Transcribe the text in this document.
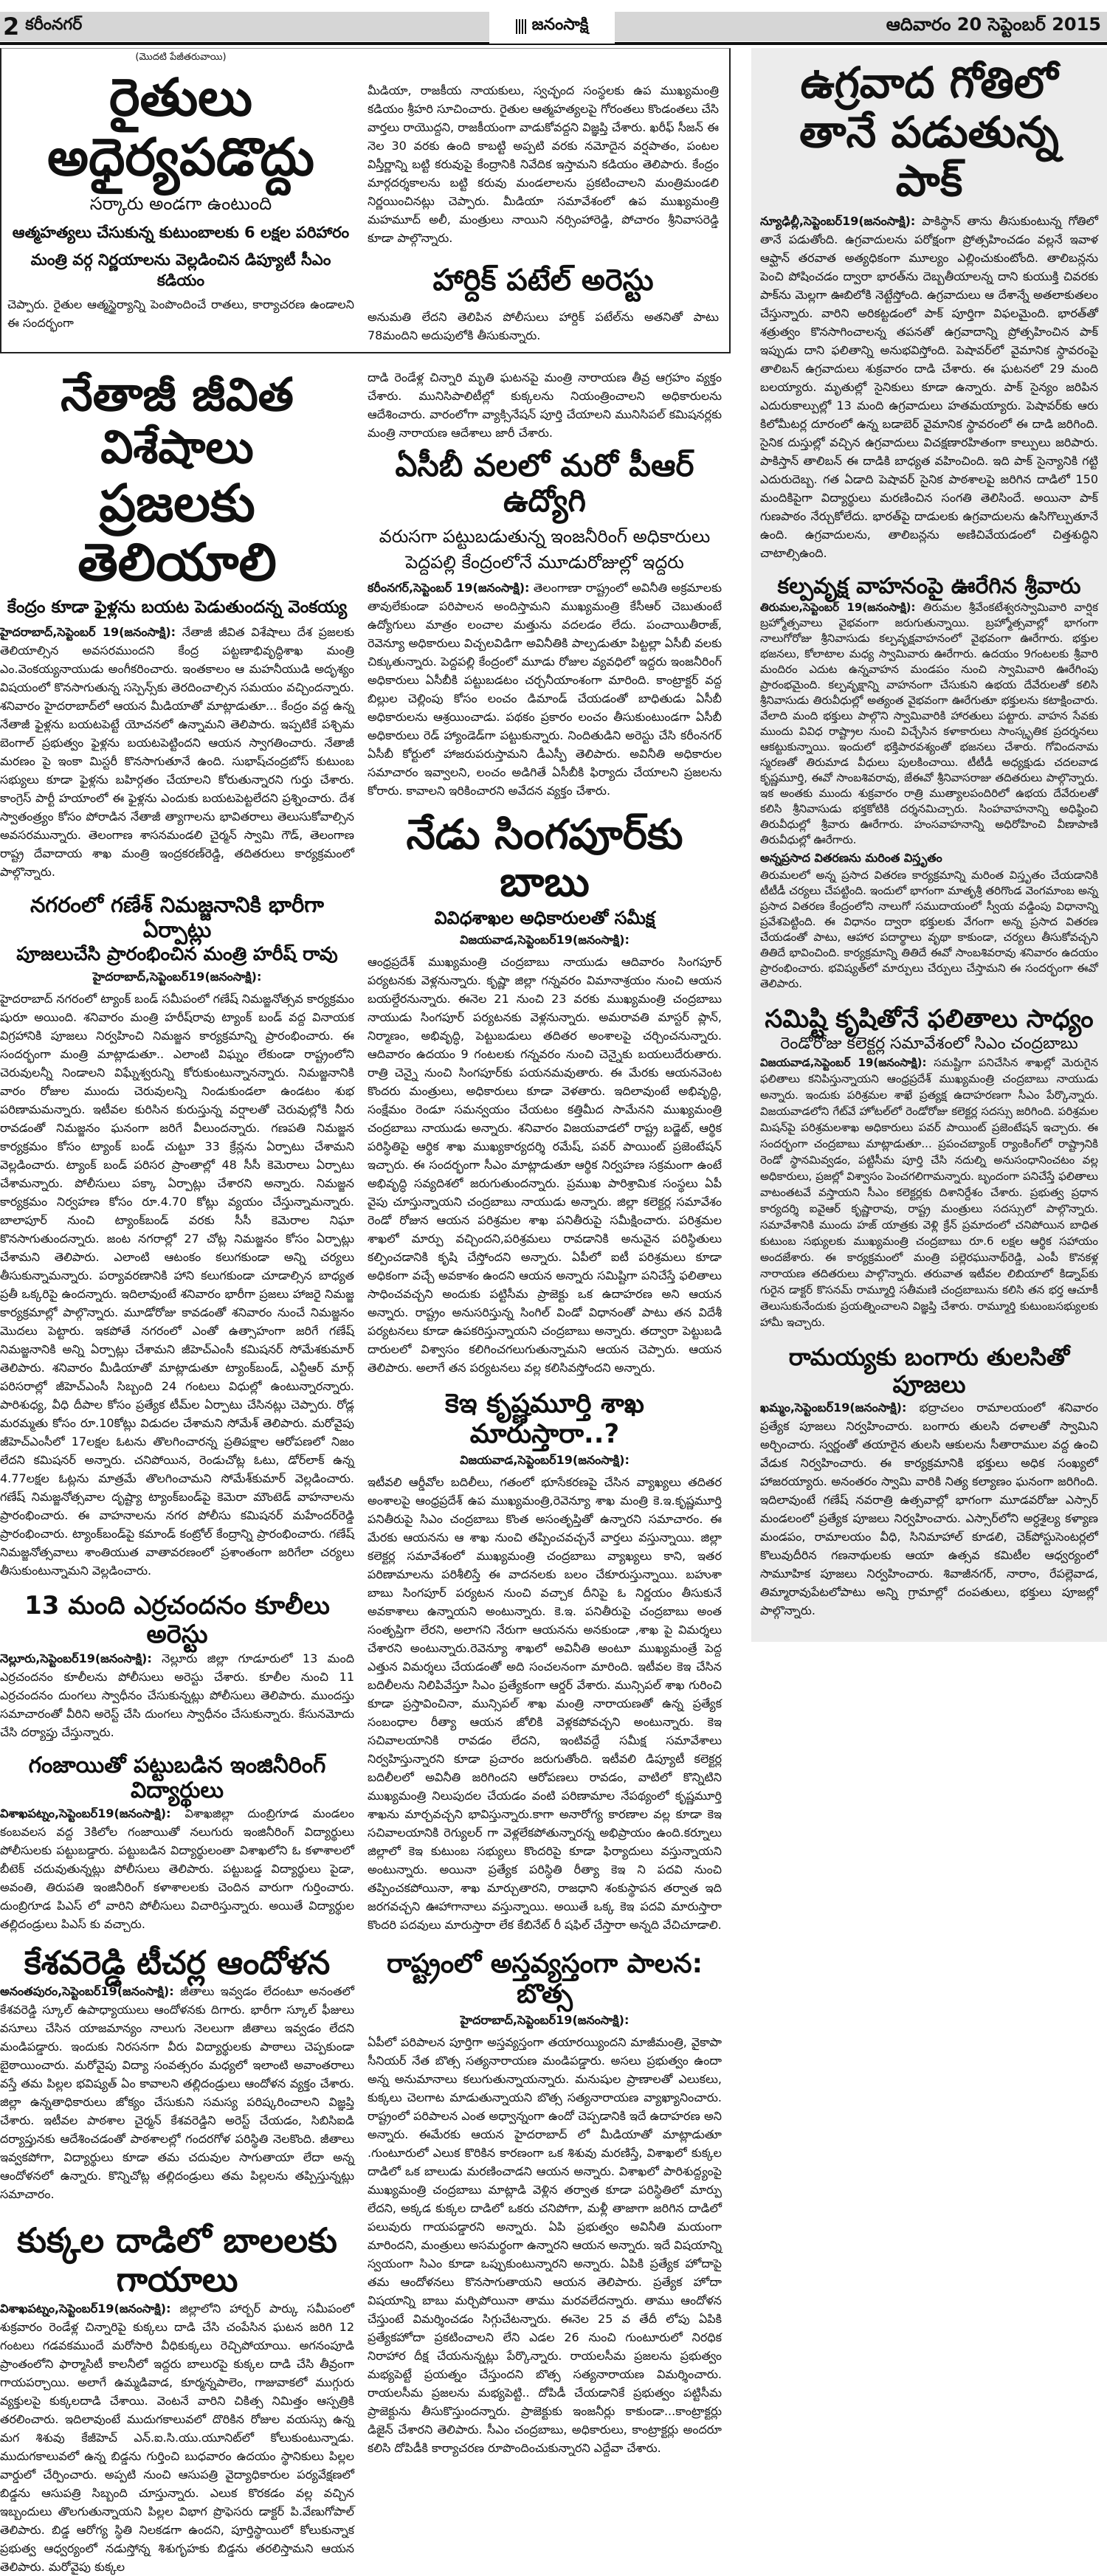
2 కరీంనగర్	జనంసాక్షి	ఆదివారం 20 సెప్టెంబర్ 2015

(మొదటి పేజీతరువాయి)

రైతులు అధైర్యపడొద్దు

సర్కారు అండగా ఉంటుంది

ఆత్మహత్యలు చేసుకున్న కుటుంబాలకు 6 లక్షల పరిహారం

మంత్రి వర్గ నిర్ణయాలను వెల్లడించిన డిప్యూటీ సీఎం కడియం

చెప్పారు. రైతుల ఆత్మస్థైర్యాన్ని పెంపొందించే రాతలు, కార్యాచరణ ఉండాలని ఈ సందర్భంగా

మీడియా, రాజకీయ నాయకులు, స్వచ్ఛంద సంస్థలకు ఉప ముఖ్యమంత్రి కడియం శ్రీహరి సూచించారు. రైతుల ఆత్మహత్యలపై గోరంతలు కొండంతలు చేసి వార్తలు రాయొద్దని, రాజకీయంగా వాడుకోవద్దని విజ్ఞప్తి చేశారు. ఖరీఫ్ సీజన్ ఈ నెల 30 వరకు ఉంది కాబట్టి అప్పటి వరకు నమోదైన వర్షపాతం, పంటల విస్తీర్ణాన్ని బట్టి కరువుపై కేంద్రానికి నివేదిక ఇస్తామని కడియం తెలిపారు. కేంద్రం మార్గదర్శకాలను బట్టి కరువు మండలాలను ప్రకటించాలని మంత్రిమండలి నిర్ణయించినట్లు చెప్పారు. మీడియా సమావేశంలో ఉప ముఖ్యమంత్రి మహమూద్ అలీ, మంత్రులు నాయిని నర్సింహారెడ్డి, పోచారం శ్రీనివాసరెడ్డి కూడా పాల్గొన్నారు.

హార్దిక్ పటేల్ అరెస్టు

అనుమతి లేదని తెలిపిన పోలీసులు హార్దిక్ పటేల్‌ను అతనితో పాటు 78మందిని అదుపులోకి తీసుకున్నారు.

నేతాజీ జీవిత విశేషాలు

ప్రజలకు తెలియాలి

కేంద్రం కూడా ఫైళ్లను బయట పెడుతుందన్న వెంకయ్య

హైదరాబాద్,సెప్టెంబర్ 19(జనంసాక్షి): నేతాజీ జీవిత విశేషాలు దేశ ప్రజలకు తెలియాల్సిన అవసరముందని కేంద్ర పట్టణాభివృద్ధిశాఖ మంత్రి ఎం.వెంకయ్యనాయుడు అంగీకరించారు. ఇంతకాలం ఆ మహనీయుడి అదృశ్యం విషయంలో కొనసాగుతున్న సస్పెన్స్‌కు తెరదించాల్సిన సమయం వచ్చిందన్నారు. శనివారం హైదరాబాద్‌లో ఆయన మీడియాతో మాట్లాడుతూ... కేంద్రం వద్ద ఉన్న నేతాజీ ఫైళ్లను బయటపెట్టే యోచనలో ఉన్నామని తెలిపారు. ఇప్పటికే పశ్చిమ బెంగాల్ ప్రభుత్వం ఫైళ్లను బయటపెట్టిందని ఆయన స్వాగతించారు. నేతాజీ మరణం పై ఇంకా మిస్టరీ కొనసాగుతూనే ఉంది. సుభాష్‌చంద్రబోస్ కుటుంబ సభ్యులు కూడా ఫైళ్లను బహిర్గతం చేయాలని కోరుతున్నారని గుర్తు చేశారు. కాంగ్రెస్ పార్టీ హయాంలో ఈ ఫైళ్లను ఎందుకు బయటపెట్టలేదని ప్రశ్నించారు. దేశ స్వాతంత్ర్యం కోసం పోరాడిన నేతాజీ త్యాగాలను భావితరాలు తెలుసుకోవాల్సిన అవసరమున్నారు. తెలంగాణ శాసనమండలి చైర్మన్ స్వామి గౌడ్, తెలంగాణ రాష్ట్ర దేవాదాయ శాఖ మంత్రి ఇంద్రకరణ్‌రెడ్డి, తదితరులు కార్యక్రమంలో పాల్గొన్నారు.

నగరంలో గణేశ్ నిమజ్జనానికి భారీగా ఏర్పాట్లు

పూజలుచేసి ప్రారంభించిన మంత్రి హరీష్ రావు

హైదరాబాద్,సెప్టెంబర్19(జనంసాక్షి):

హైదరాబాద్ నగరంలో ట్యాంక్ బండ్ సమీపంలో గణేష్ నిమజ్జనోత్సవ కార్యక్రమం షురూ అయింది. శనివారం మంత్రి హరీష్‌రావు ట్యాంక్ బండ్ వద్ద వినాయక విగ్రహానికి పూజలు నిర్వహించి నిమజ్జన కార్యక్రమాన్ని ప్రారంభించారు. ఈ సందర్భంగా మంత్రి మాట్లాడుతూ.. ఎలాంటి విఘ్నం లేకుండా రాష్ట్రంలోని చెరువులన్నీ నిండాలని విఘ్నేశ్వరున్ని కోరుకుంటున్నానన్నారు. నిమజ్జనానికి వారం రోజుల ముందు చెరువులన్ని నిండుకుండలా ఉండటం శుభ పరిణామమన్నారు. ఇటీవల కురిసిన కురుస్తున్న వర్షాలతో చెరువుల్లోకి నీరు రావడంతో నిమజ్జనం ఘనంగా జరిగే వీలుందన్నారు. గణపతి నిమజ్జన కార్యక్రమం కోసం ట్యాంక్ బండ్ చుట్టూ 33 క్రేన్లను ఏర్పాటు చేశామని వెల్లడించారు. ట్యాంక్ బండ్ పరిసర ప్రాంతాల్లో 48 సీసీ కెమెరాలు ఏర్పాటు చేశామన్నారు. పోలీసులు పక్కా ఏర్పాట్లు చేశారని అన్నారు. నిమజ్జన కార్యక్రమం నిర్వహణ కోసం రూ.4.70 కోట్లు వ్యయం చేస్తున్నామన్నారు. బాలాపూర్ నుంచి ట్యాంక్‌బండ్ వరకు సీసీ కెమెరాల నిఘా కొనసాగుతుందన్నారు. జంట నగరాల్లో 27 చోట్ల నిమజ్జనం కోసం ఏర్పాట్లు చేశామని తెలిపారు. ఎలాంటి ఆటంకం కలుగకుండా అన్ని చర్యలు తీసుకున్నామన్నారు. పర్యావరణానికి హాని కలుగకుండా చూడాల్సిన బాధ్యత ప్రతీ ఒక్కరిపై ఉందన్నారు. ఇదిలావుంటే శనివారం భారీగా ప్రజలు హాజరై నిమజ్జ కార్యక్రమాల్లో పాల్గొన్నారు. మూడోరోజు కావడంతో శనివారం నుంచే నిమజ్జనం మొదలు పెట్టారు. ఇకపోతే నగరంలో ఎంతో ఉత్సాహంగా జరిగే గణేష్ నిమజ్జనానికి అన్ని ఏర్పాట్లు చేశామని జీహెచ్‌ఎంసీ కమిషనర్ సోమేశకుమార్ తెలిపారు. శనివారం మీడియాతో మాట్లాడుతూ ట్యాంక్‌బండ్, ఎన్టీఆర్ మార్గ్ పరిసరాల్లో జీహెచ్‌ఎంసీ సిబ్బంది 24 గంటలు విధుల్లో ఉంటున్నారన్నారు. పారిశుధ్య, వీధి దీపాల కోసం ప్రత్యేక టీమ్‌ల ఏర్పాటు చేసినట్లు చెప్పారు. రోడ్ల మరమ్మతు కోసం రూ.10కోట్లు విడుదల చేశామని సోమేశ్ తెలిపారు. మరోవైపు జీహెచ్‌ఎంసీలో 17లక్షల ఓటను తొలగించారన్న ప్రతిపక్షాల ఆరోపణలో నిజం లేదని కమిషనర్ అన్నారు. చనిపోయిన, రెండుచోట్ల ఓటు, డోర్‌లాక్ ఉన్న 4.77లక్షల ఓట్లను మాత్రమే తొలగించామని సోమేశ్‌కుమార్ వెల్లడించారు. గణేష్ నిమజ్జనోత్సవాల దృష్ట్యా ట్యాంక్‌బండ్‌పై కెమెరా మౌంటెడ్ వాహనాలను ప్రారంభించారు. ఈ వాహనాలను నగర పోలీసు కమిషనర్ మహేందర్‌రెడ్డి ప్రారంభించారు. ట్యాంక్‌బండ్‌పై కమాండ్ కంట్రోల్ కేంద్రాన్ని ప్రారంభించారు. గణేష్ నిమజ్జనోత్సవాలు శాంతియుత వాతావరణంలో ప్రశాంతంగా జరిగేలా చర్యలు తీసుకుంటున్నామని వెల్లడించారు.

13 మంది ఎర్రచందనం కూలీలు అరెస్టు

నెల్లూరు,సెప్టెంబర్19(జనంసాక్షి): నెల్లూరు జిల్లా గూడూరులో 13 మంది ఎర్రచందనం కూలీలను పోలీసులు అరెస్టు చేశారు. కూలీల నుంచి 11 ఎర్రచందనం దుంగలు స్వాధీనం చేసుకున్నట్లు పోలీసులు తెలిపారు. ముందస్తు సమాచారంతో వీరిని అరెస్ట్ చేసి దుంగలు స్వాధీనం చేసుకున్నారు. కేసునమోదు చేసి దర్యాప్తు చేస్తున్నారు.

గంజాయితో పట్టుబడిన ఇంజినీరింగ్ విద్యార్థులు

విశాఖపట్నం,సెప్టెంబర్19(జనంసాక్షి): విశాఖజిల్లా దుంబ్రిగూడ మండలం కంబవలస వద్ద 3కిలోల గంజాయితో నలుగురు ఇంజినీరింగ్ విద్యార్థులు పోలీసులకు పట్టుబడ్డారు. పట్టుబడిన విద్యార్థులంతా విశాఖలోని ఓ కళాశాలలో బీటెక్ చదువుతున్నట్లు పోలీసులు తెలిపారు. పట్టుబడ్డ విద్యార్థులు పైడా, అవంతి, తిరుపతి ఇంజినీరింగ్ కళాశాలలకు చెందిన వారుగా గుర్తించారు. దుంబ్రిగూడ పిఎస్ లో వారిని పోలీసులు విచారిస్తున్నారు. అయితే విద్యార్థుల తల్లిదండ్రులు పిఎస్ కు వచ్చారు.

కేశవరెడ్డి టీచర్ల ఆందోళన

అనంతపురం,సెప్టెంబర్19(జనంసాక్షి): జీతాలు ఇవ్వడం లేదంటూ అనంతలో కేశవరెడ్డి స్కూల్ ఉపాధ్యాయులు ఆందోళనకు దిగారు. భారీగా స్కూల్ ఫీజులు వసూలు చేసిన యాజమాన్యం నాలుగు నెలలుగా జీతాలు ఇవ్వడం లేదని మండిపడ్డారు. ఇందుకు నిరసనగా వీరు విద్యార్థులకు పాఠాలు చెప్పకుండా బైఠాయించారు. మరోవైపు విద్యా సంవత్సరం మధ్యలో ఇలాంటి అవాంతరాలు వస్తే తమ పిల్లల భవిష్యత్ ఏం కావాలని తల్లిదండ్రులు ఆందోళన వ్యక్తం చేశారు. జిల్లా ఉన్నతాధికారులు జోక్యం చేసుకుని సమస్య పరిష్కరించాలని విజ్ఞప్తి చేశారు. ఇటీవల పాఠశాల చైర్మన్ కేశవరెడ్డిని అరెస్ట్ చేయడం, సిబిసిఐడి దర్యాప్తునకు ఆదేశించడంతో పాఠశాలల్లో గందరగోళ పరిస్థితి నెలకొంది. జీతాలు ఇవ్వకపోగా, విద్యార్థులు కూడా తమ చదువుల సాగుతాయా లేదా అన్న ఆందోళనలో ఉన్నారు. కొన్నిచోట్ల తల్లిదండ్రులు తమ పిల్లలను తప్పిస్తున్నట్లు సమాచారం.

కుక్కల దాడిలో బాలలకు గాయాలు

విశాఖపట్నం,సెప్టెంబర్19(జనంసాక్షి): జిల్లాలోని హార్బర్ పార్కు సమీపంలో శుక్రవారం రెండేళ్ల చిన్నారిపై కుక్కలు దాడి చేసి చంపేసిన ఘటన జరిగి 12 గంటలు గడవకముందే మరోసారి వీధికుక్కలు రెచ్చిపోయాయి. అగనంపూడి ప్రాంతంలోని ఫార్మాసిటీ కాలనీలో ఇద్దరు బాలురపై కుక్కల దాడి చేసి తీవ్రంగా గాయపర్చాయి. అలాగే ఉమ్మడివాడ, కూర్మన్నపాలెం, గాజువాకలో ముగ్గురు వ్యక్తులపై కుక్కలదాడి చేశాయి. వెంటనే వారిని చికిత్స నిమిత్తం ఆస్పత్రికి తరలించారు. ఇదిలావుంటే ముదుగకాలువలో దొరికిన రోజుల వయస్సు ఉన్న మగ శిశువు కేజీహెచ్ ఎన్.ఐ.సి.యు.యూనిట్‌లో కోలుకుంటున్నాడు. ముదుగకాలువలో ఉన్న బిడ్డను గుర్తించి బుధవారం ఉదయం స్థానికులు పిల్లల వార్డులో చేర్పించారు. అప్పటి నుంచి ఆసుపత్రి వైద్యాధికారుల పర్యవేక్షణలో బిడ్డను ఆసుపత్రి సిబ్బంది చూస్తున్నారు. ఎలుక కొరకడం వల్ల వచ్చిన ఇబ్బందులు తొలగుతున్నాయని పిల్లల విభాగ ప్రొఫెసరు డాక్టర్ పి.వేణుగోపాల్ తెలిపారు. బిడ్డ ఆరోగ్య స్థితి నిలకడగా ఉందని, పూర్తిస్థాయిలో కోలుకున్నాక ప్రభుత్వ ఆధ్వర్యంలో నడుస్తోన్న శిశుగృహకు బిడ్డను తరలిస్తామని ఆయన తెలిపారు. మరోవైపు కుక్కల

దాడి రెండేళ్ల చిన్నారి మృతి ఘటనపై మంత్రి నారాయణ తీవ్ర ఆగ్రహం వ్యక్తం చేశారు. మునిసిపాలిటీల్లో కుక్కలను నియంత్రించాలని అధికారులను ఆదేశించారు. వారంలోగా వ్యాక్సినేషన్ పూర్తి చేయాలని మునిసిపల్ కమిషనర్లకు మంత్రి నారాయణ ఆదేశాలు జారీ చేశారు.

ఏసీబీ వలలో మరో పీఆర్ ఉద్యోగి

వరుసగా పట్టుబడుతున్న ఇంజనీరింగ్ అధికారులు

పెద్దపల్లి కేంద్రంలోనే మూడురోజుల్లో ఇద్దరు

కరీంనగర్,సెప్టెంబర్ 19(జనంసాక్షి): తెలంగాణా రాష్ట్రంలో అవినీతి అక్రమాలకు తావులేకుండా పరిపాలన అందిస్తామని ముఖ్యమంత్రి కేసీఆర్ చెబుతుంటే ఉద్యోగులు మాత్రం లంచాల మత్తును వదలడం లేదు. పంచాయితీరాజ్, రెవెన్యూ అధికారులు విచ్చలవిడిగా అవినీతికి పాల్పడుతూ పిట్టల్లా ఏసీబీ వలకు చిక్కుతున్నారు. పెద్దపల్లి కేంద్రంలో మూడు రోజుల వ్యవధిలో ఇద్దరు ఇంజనీరింగ్ అధికారులు ఏసీబీకి పట్టుబడటం చర్చనీయాంశంగా మారింది. కాంట్రాక్టర్ వద్ద బిల్లుల చెల్లింపు కోసం లంచం డిమాండ్ చేయడంతో బాధితుడు ఏసీబీ అధికారులను ఆశ్రయించాడు. పథకం ప్రకారం లంచం తీసుకుంటుండగా ఏసీబీ అధికారులు రెడ్ హ్యాండెడ్‌గా పట్టుకున్నారు. నిందితుడిని అరెస్టు చేసి కరీంనగర్ ఏసీబీ కోర్టులో హాజరుపరుస్తామని డీఎస్పీ తెలిపారు. అవినీతి అధికారుల సమాచారం ఇవ్వాలని, లంచం అడిగితే ఏసీబీకి ఫిర్యాదు చేయాలని ప్రజలను కోరారు. కావాలని ఇరికించారని అవేదన వ్యక్తం చేశారు.

నేడు సింగపూర్‌కు బాబు

వివిధశాఖల అధికారులతో సమీక్ష

విజయవాడ,సెప్టెంబర్19(జనంసాక్షి):

ఆంధ్రప్రదేశ్ ముఖ్యమంత్రి చంద్రబాబు నాయుడు ఆదివారం సింగపూర్ పర్యటనకు వెళ్లనున్నారు. కృష్ణా జిల్లా గన్నవరం విమానాశ్రయం నుంచి ఆయన బయల్దేరనున్నారు. ఈనెల 21 నుంచి 23 వరకు ముఖ్యమంత్రి చంద్రబాబు నాయుడు సింగపూర్ పర్యటనకు వెళ్లనున్నారు. అమరావతి మాస్టర్ ప్లాన్, నిర్మాణం, అభివృద్ధి, పెట్టుబడులు తదితర అంశాలపై చర్చించనున్నారు. ఆదివారం ఉదయం 9 గంటలకు గన్నవరం నుంచి చెన్నైకు బయలుదేరుతారు. రాత్రి చెన్నై నుంచి సింగపూర్‌కు పయనమవుతారు. ఈ మేరకు ఆయనవెంట కొందరు మంత్రులు, అధికారులు కూడా వెళతారు. ఇదిలావుంటే అభివృద్ధి, సంక్షేమం రెండూ సమన్వయం చేయటం కత్తిమీద సామేనని ముఖ్యమంత్రి చంద్రబాబు నాయుడు అన్నారు. శనివారం విజయవాడలో రాష్ట్ర బడ్జెట్, ఆర్థిక పరిస్థితిపై ఆర్థిక శాఖ ముఖ్యకార్యదర్శి రమేష్, పవర్ పాయింట్ ప్రజెంటేషన్ ఇచ్చారు. ఈ సందర్భంగా సీఎం మాట్లాడుతూ ఆర్థిక నిర్వహణ సక్రమంగా ఉంటే అభివృద్ధి సవ్యదిశలో జరుగుతుందన్నారు. ప్రముఖ పారిశ్రామిక సంస్థలు ఏపీ వైపు చూస్తున్నాయని చంద్రబాబు నాయుడు అన్నారు. జిల్లా కలెక్టర్ల సమావేశం రెండో రోజున ఆయన పరిశ్రమల శాఖ పనితీరుపై సమీక్షించారు. పరిశ్రమల శాఖలో మార్పు వచ్చిందని,పరిశ్రమలు రావడానికి అనువైన పరిస్థితులు కల్పించడానికి కృషి చేస్తోందని అన్నారు. ఏపీలో ఐటీ పరిశ్రమలు కూడా అధికంగా వచ్చే అవకాశం ఉందని ఆయన అన్నారు సమిష్టిగా పనిచేస్తే ఫలితాలు సాధించవచ్చని అందుకు పట్టిసీమ ప్రాజెక్టు ఒక ఉదాహరణ అని ఆయన అన్నారు. రాష్ట్రం అనుసరిస్తున్న సింగిల్ విండో విధానంతో పాటు తన విదేశీ పర్యటనలు కూడా ఉపకరిస్తున్నాయని చంద్రబాబు అన్నారు. తద్వారా పెట్టుబడి దారులలో విశ్వాసం కలిగించగలుగుతున్నామని ఆయన చెప్పారు. ఆయన తెలిపారు. అలాగే తన పర్యటనలు వల్ల కలిసివస్తోందని అన్నారు.

కెఇ కృష్ణమూర్తి శాఖ మారుస్తారా..?

విజయవాడ,సెప్టెంబర్19(జనంసాక్షి):

ఇటీవలి ఆర్డీవోల బదిలీలు, గతంలో భూసేకరణపై చేసిన వ్యాఖ్యలు తదితర అంశాలపై ఆంధ్రప్రదేశ్ ఉప ముఖ్యమంత్రి,రెవెన్యూ శాఖ మంత్రి కె.ఇ.కృష్ణమూర్తి పనితీరుపై సిఎం చంద్రబాబు కొంత అసంతృప్తితో ఉన్నారని సమాచారం. ఈ మేరకు ఆయనను ఆ శాఖ నుంచి తప్పించవచ్చనే వార్తలు వస్తున్నాయి. జిల్లా కలెక్టర్ల సమావేశంలో ముఖ్యమంత్రి చంద్రబాబు వ్యాఖ్యలు కాని, ఇతర పరిణామాలను పరిశీలిస్తే ఈ వాదనలకు బలం చేకూరుస్తున్నాయి. బహుశా బాబు సింగపూర్ పర్యటన నుంచి వచ్చాక దీనిపై ఓ నిర్ణయం తీసుకునే అవకాశాలు ఉన్నాయని అంటున్నారు. కె.ఇ. పనితీరుపై చంద్రబాబు అంత సంతృప్తిగా లేరని, అలాగని నేరుగా ఆయనను అనకుండా ,శాఖ పై విమర్శలు చేశారని అంటున్నారు.రెవెన్యూ శాఖలో అవినీతి అంటూ ముఖ్యమంత్రే పెద్ద ఎత్తున విమర్శలు చేయడంతో అది సంచలనంగా మారింది. ఇటీవల కెఇ చేసిన బదిలీలను నిలిపివేస్తూ సిఎం ప్రత్యేకంగా ఆర్డర్ వేశారు. మున్సిపల్ శాఖ గురించి కూడా ప్రస్తావించినా, మున్సిపల్ శాఖ మంత్రి నారాయణతో ఉన్న ప్రత్యేక సంబంధాల రీత్యా ఆయన జోలికి వెళ్లకపోవచ్చని అంటున్నారు. కెఇ సచివాలయానికి రావడం లేదని, ఇంటివద్దే సమీక్ష సమావేశాలు నిర్వహిస్తున్నారని కూడా ప్రచారం జరుగుతోంది. ఇటీవలి డిప్యూటీ కలెక్టర్ల బదిలీలలో అవినీతి జరిగిందని ఆరోపణలు రావడం, వాటిలో కొన్నిటిని ముఖ్యమంత్రి నిలుపుదల చేయడం వంటి పరిణామాల నేపథ్యంలో కృష్ణమూర్తి శాఖను మార్చవచ్చని భావిస్తున్నారు.కాగా అనారోగ్య కారణాల వల్ల కూడా కెఇ సచివాలయానికి రెగ్యులర్ గా వెళ్లలేకపోతున్నారన్న అభిప్రాయం ఉంది.కర్నూలు జిల్లాలో కెఇ కుటుంబ సభ్యులు కొందరిపై కూడా ఫిర్యాదులు వస్తున్నాయని అంటున్నారు. అయినా ప్రత్యేక పరిస్థితి రీత్యా కెఇ ని పదవి నుంచి తప్పించకపోయినా, శాఖ మార్చుతారని, రాజధాని శంకుస్థాపన తర్వాత ఇది జరగవచ్చని ఊహాగానాలు వస్తున్నాయి. అయితే ఒక్క కెఇ పదవి మారుస్తారా కొందరి పదవులు మారుస్తారా లేక కేబినేట్ రీ షఫిల్ చేస్తారా అన్నది వేచిచూడాలి.

రాష్ట్రంలో అస్తవ్యస్తంగా పాలన: బొత్స

హైదరాబాద్,సెప్టెంబర్19(జనంసాక్షి):

ఏపీలో పరిపాలన పూర్తిగా అస్తవ్యస్తంగా తయారయ్యిందని మాజీమంత్రి, వైకాపా సీనియర్ నేత బొత్స సత్యనారాయణ మండిపడ్డారు. అసలు ప్రభుత్వం ఉందా అన్న అనుమానాలు కలుగుతున్నాయన్నారు. మనుషుల ప్రాణాలతో ఎలుకలు, కుక్కలు చెలగాట మాడుతున్నాయని బొత్స సత్యనారాయణ వ్యాఖ్యానించారు. రాష్ట్రంలో పరిపాలన ఎంత అధ్వాన్నంగా ఉందో చెప్పడానికి ఇదే ఉదాహరణ అని అన్నారు. ఈమేరకు ఆయన హైదరాబాద్ లో మీడియాతో మాట్లాడుతూ .గుంటూరులో ఎలుక కొరికిన కారణంగా ఒక శిశువు మరణిస్తే, విశాఖలో కుక్కల దాడిలో ఒక బాలుడు మరణించాడని ఆయన అన్నారు. విశాఖలో పారిశుద్ద్యంపై ముఖ్యమంత్రి చంద్రబాబు మాట్లాడి వెళ్లిన తర్వాత కూడా పరిస్థితిలో మార్పు లేదని, అక్కడ కుక్కల దాడిలో ఒకరు చనిపోగా, మళ్లీ తాజాగా జరిగిన దాడిలో పలువురు గాయపడ్డారని అన్నారు. ఏపి ప్రభుత్వం అవినీతి మయంగా మారిందని, మంత్రులు అసమర్థంగా ఉన్నారని ఆయన అన్నారు. ఇదే విషయాన్ని స్వయంగా సిఎం కూడా ఒప్పుకుంటున్నారని అన్నారు. ఏపికి ప్రత్యేక హోదాపై తమ ఆందోళనలు కొనసాగుతాయని ఆయన తెలిపారు. ప్రత్యేక హోదా విషయాన్ని బాబు మర్చిపోయినా తాము మరవలేదన్నారు. తాము ఆందోళన చేస్తుంటే విమర్శించడం సిగ్గుచేటన్నారు. ఈనెల 25 వ తేదీ లోపు ఏపికి ప్రత్యేకహోదా ప్రకటించాలని లేని ఎడల 26 నుంచి గుంటూరులో నిరధిక నిరాహార దీక్ష చేయనున్నట్లు పేర్కొన్నారు. రాయలసీమ ప్రజలను ప్రభుత్వం మభ్యపెట్టే ప్రయత్నం చేస్తుందని బొత్స సత్యనారాయణ విమర్శించారు. రాయలసీమ ప్రజలను మభ్యపెట్టి.. దోపిడీ చేయడానికే ప్రభుత్వం పట్టిసీమ ప్రాజెక్టును తీసుకొస్తుందన్నారు. ప్రాజెక్టుకు ఇంజనీర్లు కాకుండా...కాంట్రాక్టర్లు డిజైన్ చేశారని తెలిపారు. సీఎం చంద్రబాబు, అధికారులు, కాంట్రాక్టర్లు అందరూ కలిసి దోపిడీకి కార్యాచరణ రూపొందించుకున్నారని ఎద్దేవా చేశారు.

ఉగ్రవాద గోతిలో

తానే పడుతున్న పాక్

న్యూఢిల్లీ,సెప్టెంబర్19(జనంసాక్షి): పాకిస్థాన్ తాను తీసుకుంటున్న గోతిలో తానే పడుతోంది. ఉగ్రవాదులను పరోక్షంగా ప్రోత్సహించడం వల్లనే ఇవాళ ఆఫ్ఘాన్ తరవాత అత్యధికంగా మూల్యం ఎల్లించుకుంటోంది. తాలిబన్లను పెంచి పోషించడం ద్వారా భారత్‌ను దెబ్బతీయాలన్న దాని కుయుక్తి చివరకు పాక్‌ను మెల్లగా ఊబిలోకి నెట్టేస్తోంది. ఉగ్రవాదులు ఆ దేశాన్నే అతలాకుతలం చేస్తున్నారు. వారిని అరికట్టడంలో పాక్ పూర్తిగా విఫలమైంది. భారత్‌తో శత్రుత్వం కొనసాగించాలన్న తపనతో ఉగ్రవాదాన్ని ప్రోత్సహించిన పాక్ ఇప్పుడు దాని ఫలితాన్ని అనుభవిస్తోంది. పెషావర్‌లో వైమానిక స్థావరంపై తాలిబన్ ఉగ్రవాదులు శుక్రవారం దాడి చేశారు. ఈ ఘటనలో 29 మంది బలయ్యారు. మృతుల్లో సైనికులు కూడా ఉన్నారు. పాక్ సైన్యం జరిపిన ఎదురుకాల్పుల్లో 13 మంది ఉగ్రవాదులు హతమయ్యారు. పెషావర్‌కు ఆరు కిలోమీటర్ల దూరంలో ఉన్న బడాబెర్ వైమానిక స్థావరంలో ఈ దాడి జరిగింది. సైనిక దుస్తుల్లో వచ్చిన ఉగ్రవాదులు విచక్షణారహితంగా కాల్పులు జరిపారు. పాకిస్తాన్ తాలిబన్ ఈ దాడికి బాధ్యత వహించింది. ఇది పాక్ సైన్యానికి గట్టి ఎదురుదెబ్బ. గత ఏడాది పెషావర్ సైనిక పాఠశాలపై జరిగిన దాడిలో 150 మందికిపైగా విద్యార్థులు మరణించిన సంగతి తెలిసిందే. అయినా పాక్ గుణపాఠం నేర్చుకోలేదు. భారత్‌పై దాడులకు ఉగ్రవాదులను ఉసిగొల్పుతూనే ఉంది. ఉగ్రవాదులను, తాలిబన్లను అణిచివేయడంలో చిత్తశుద్ధిని చాటాల్సిఉంది.

కల్పవృక్ష వాహనంపై ఊరేగిన శ్రీవారు

తిరుమల,సెప్టెంబర్ 19(జనంసాక్షి): తిరుమల శ్రీవేంకటేశ్వరస్వామివారి వార్షిక బ్రహ్మోత్సవాలు వైభవంగా జరుగుతున్నాయి. బ్రహ్మోత్సవాల్లో భాగంగా నాలుగోరోజు శ్రీనివాసుడు కల్పవృక్షవాహనంలో వైభవంగా ఊరేగారు. భక్తుల భజనలు, కోలాటాల మధ్య స్వామివారు ఊరేగారు. ఉదయం 9గంటలకు శ్రీవారి మందిరం ఎదుట ఉన్నవాహన మండపం నుంచి స్వామివారి ఊరేగింపు ప్రారంభమైంది. కల్పవృక్షాన్ని వాహనంగా చేసుకుని ఉభయ దేవేరులతో కలిసి శ్రీనివాసుడు తిరువీధుల్లో అత్యంత వైభవంగా ఊరేగుతూ భక్తులను కటాక్షించారు. వేలాది మంది భక్తులు పాల్గొని స్వామివారికి హారతులు పట్టారు. వాహన సేవకు ముందు వివిధ రాష్ట్రాల నుంచి విచ్చేసిన కళాకారులు సాంస్కృతిక ప్రదర్శనలు ఆకట్టుకున్నాయి. ఇందులో భక్తిపారవశ్యంతో భజనలు చేశారు. గోవిందనామ స్మరణతో తిరుమాడ వీధులు పులకించాయి. టీటీడీ అధ్యక్షుడు చదలవాడ కృష్ణమూర్తి, ఈవో సాంబశివరావు, జేఈవో శ్రీనివాసరాజు తదితరులు పాల్గొన్నారు. ఇక అంతకు ముందు శుక్రవారం రాత్రి ముత్యాలపందిరిలో ఉభయ దేవేరులతో కలిసి శ్రీనివాసుడు భక్తకోటికి దర్శనమిచ్చారు. సింహవాహనాన్ని అధిష్ఠించి తిరువీధుల్లో శ్రీవారు ఊరేగారు. హంసవాహనాన్ని అధిరోహించి వీణాపాణి తిరువీధుల్లో ఊరేగారు.

అన్నప్రసాద వితరణను మరింత విస్తృతం

తిరుమలలో అన్న ప్రసాద వితరణ కార్యక్రమాన్ని మరింత విస్తృతం చేయడానికి టీటీడీ చర్యలు చేపట్టింది. ఇందులో భాగంగా మాతృశ్రీ తరిగొండ వెంగమాంబ అన్న ప్రసాద వితరణ కేంద్రంలోని నాలుగో సముదాయంలో స్వీయ వడ్డింపు విధానాన్ని ప్రవేశపెట్టింది. ఈ విధానం ద్వారా భక్తులకు వేగంగా అన్న ప్రసాద వితరణ చేయడంతో పాటు, ఆహార పదార్థాలు వృథా కాకుండా, చర్యలు తీసుకోవచ్చని తితిదే భావించింది. కార్యక్రమాన్ని తితిదే ఈవో సాంబశివరావు శనివారం ఉదయం ప్రారంభించారు. భవిష్యత్‌లో మార్పులు చేర్పులు చేస్తామని ఈ సందర్భంగా ఈవో తెలిపారు.

సమిష్టి కృషితోనే ఫలితాలు సాధ్యం

రెండోరోజు కలెక్టర్ల సమావేశంలో సిఎం చంద్రబాబు

విజయవాడ,సెప్టెంబర్ 19(జనంసాక్షి): సమష్టిగా పనిచేసిన శాఖల్లో మెరుగైన ఫలితాలు కనిపిస్తున్నాయని ఆంధ్రప్రదేశ్ ముఖ్యమంత్రి చంద్రబాబు నాయుడు అన్నారు. ఇందుకు పరిశ్రమల శాఖే ప్రత్యక్ష ఉదాహరణగా సీఎం పేర్కొన్నారు. విజయవాడలోని గేట్‌వే హోటల్‌లో రెండోరోజు కలెక్టర్ల సదస్సు జరిగింది. పరిశ్రమల మిషన్‌పై పరిశ్రమలశాఖ అధికారులు పవర్ పాయింట్ ప్రజెంటేషన్ ఇచ్చారు. ఈ సందర్భంగా చంద్రబాబు మాట్లాడుతూ... ప్రపంచబ్యాంక్ ర్యాంకింగ్‌లో రాష్ట్రానికి రెండో స్థానమివ్వడం, పట్టిసీమ పూర్తి చేసి నదుల్ని అనుసంధానించటం వల్ల అధికారులు, ప్రజల్లో విశ్వాసం పెంచగలిగామన్నారు. బృందంగా పనిచేస్తే ఫలితాలు వాటంతటవే వస్తాయని సీఎం కలెక్టర్లకు దిశానిర్దేశం చేశారు. ప్రభుత్వ ప్రధాన కార్యదర్శి ఐవైఆర్ కృష్ణారావు, రాష్ట్ర మంత్రులు సదస్సులో పాల్గొన్నారు. సమావేశానికి ముందు హజ్ యాత్రకు వెళ్లి క్రేన్ ప్రమాదంలో చనిపోయిన బాధిత కుటుంబ సభ్యులకు ముఖ్యమంత్రి చంద్రబాబు రూ.6 లక్షల ఆర్థిక సహాయం అందజేశారు. ఈ కార్యక్రమంలో మంత్రి పల్లెరఘునాథ్‌రెడ్డి, ఎంపీ కొనకళ్ల నారాయణ తదితరులు పాల్గొన్నారు. తరువాత ఇటీవల లిబియాలో కిడ్నాప్‌కు గురైన డాక్టర్ కొసనమ్ రామ్మూర్తి సతీమణి చంద్రబాబును కలిసి తన భర్త ఆచూకీ తెలుసుకునేందుకు ప్రయత్నించాలని విజ్ఞప్తి చేశారు. రామ్మూర్తి కుటుంబసభ్యులకు హామీ ఇచ్చారు.

రామయ్యకు బంగారు తులసితో పూజలు

ఖమ్మం,సెప్టెంబర్19(జనంసాక్షి): భద్రాచలం రామాలయంలో శనివారం ప్రత్యేక పూజలు నిర్వహించారు. బంగారు తులసి దళాలతో స్వామిని అర్చించారు. స్వర్ణంతో తయారైన తులసి ఆకులను సీతారాముల వద్ద ఉంచి వేడుక నిర్వహించారు. ఈ కార్యక్రమానికి భక్తులు అధిక సంఖ్యలో హాజరయ్యారు. అనంతరం స్వామి వారికి నిత్య కల్యాణం ఘనంగా జరిగింది. ఇదిలావుంటే గణేష్ నవరాత్రి ఉత్సవాల్లో భాగంగా మూడవరోజు ఎస్సార్ మండలంలో ప్రత్యేక పూజలు నిర్వహించారు. ఎస్సార్‌లోని అర్ధశైల్య కళ్యాణ మండపం, రామాలయం వీధి, సినిమాహాల్ కూడలి, చెక్‌పోస్టుసెంటర్లలో కొలువుదీరిన గణనాథులకు ఆయా ఉత్సవ కమిటీల ఆధ్వర్యంలో సామూహిక పూజలు నిర్వహించారు. శివాజీనగర్, నారాం, రేపల్లెవాడ, తిమ్మారావుపేటలోపాటు అన్ని గ్రామాల్లో దంపతులు, భక్తులు పూజల్లో పాల్గొన్నారు.
